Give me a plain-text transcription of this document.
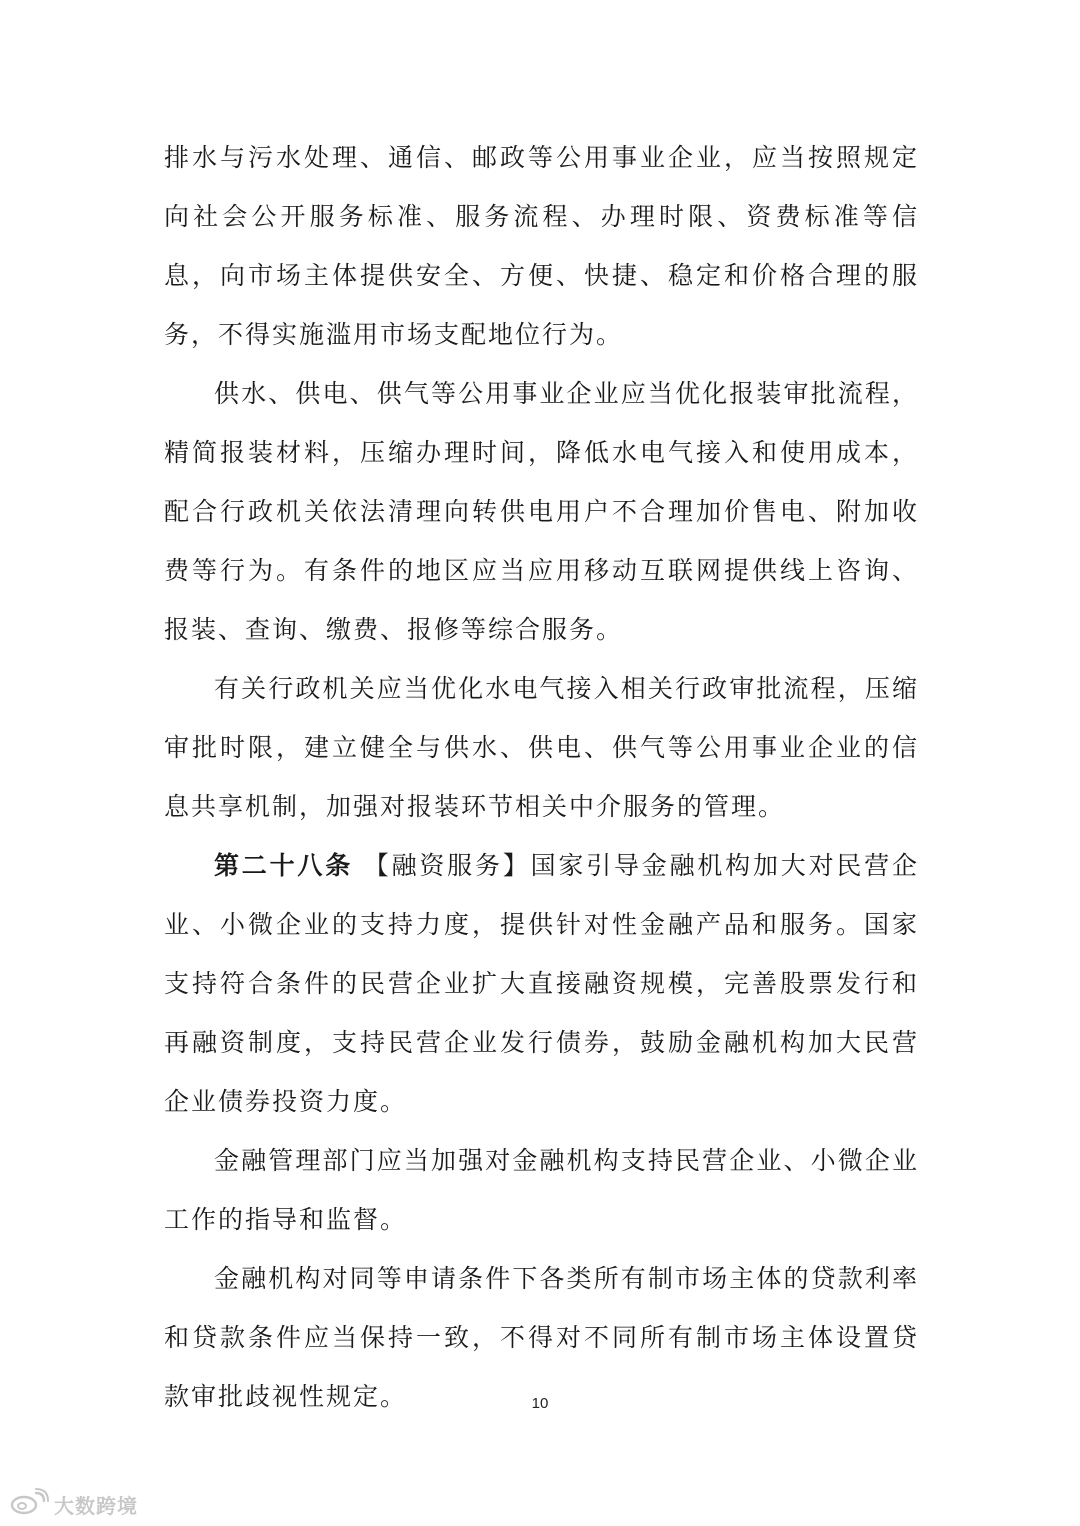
排水与污水处理、通信、邮政等公用事业企业，应当按照规定向社会公开服务标准、服务流程、办理时限、资费标准等信息，向市场主体提供安全、方便、快捷、稳定和价格合理的服务，不得实施滥用市场支配地位行为。

供水、供电、供气等公用事业企业应当优化报装审批流程，精简报装材料，压缩办理时间，降低水电气接入和使用成本，配合行政机关依法清理向转供电用户不合理加价售电、附加收费等行为。有条件的地区应当应用移动互联网提供线上咨询、报装、查询、缴费、报修等综合服务。

有关行政机关应当优化水电气接入相关行政审批流程，压缩审批时限，建立健全与供水、供电、供气等公用事业企业的信息共享机制，加强对报装环节相关中介服务的管理。

第二十八条 【融资服务】国家引导金融机构加大对民营企业、小微企业的支持力度，提供针对性金融产品和服务。国家支持符合条件的民营企业扩大直接融资规模，完善股票发行和再融资制度，支持民营企业发行债券，鼓励金融机构加大民营企业债券投资力度。

金融管理部门应当加强对金融机构支持民营企业、小微企业工作的指导和监督。

金融机构对同等申请条件下各类所有制市场主体的贷款利率和贷款条件应当保持一致，不得对不同所有制市场主体设置贷款审批歧视性规定。	10
大数跨境
